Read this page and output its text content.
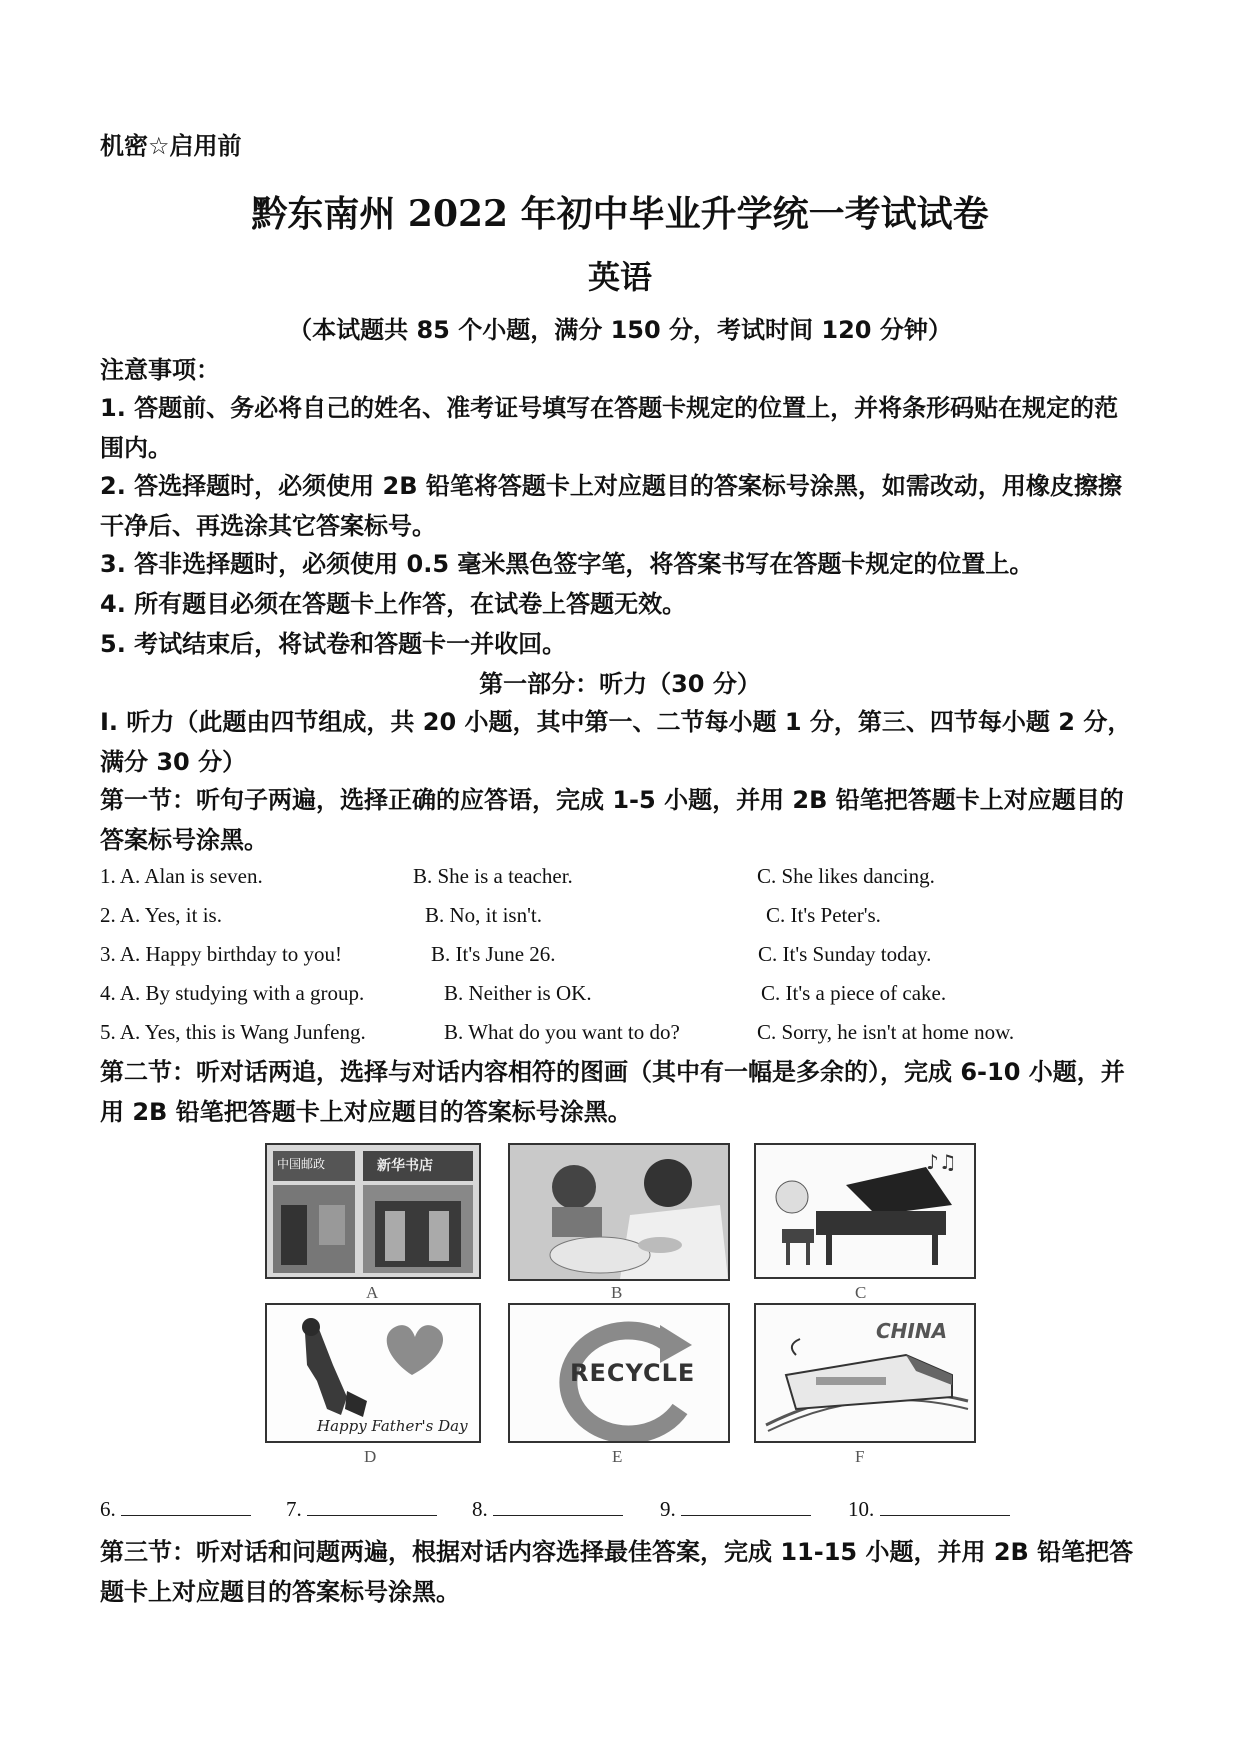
机密☆启用前
黔东南州 2022 年初中毕业升学统一考试试卷
英语
（本试题共 85 个小题，满分 150 分，考试时间 120 分钟）
注意事项：
1. 答题前、务必将自己的姓名、准考证号填写在答题卡规定的位置上，并将条形码贴在规定的范围内。
2. 答选择题时，必须使用 2B 铅笔将答题卡上对应题目的答案标号涂黑，如需改动，用橡皮擦擦干净后、再选涂其它答案标号。
3. 答非选择题时，必须使用 0.5 毫米黑色签字笔，将答案书写在答题卡规定的位置上。
4. 所有题目必须在答题卡上作答，在试卷上答题无效。
5. 考试结束后，将试卷和答题卡一并收回。
第一部分：听力（30 分）
Ⅰ. 听力（此题由四节组成，共 20 小题，其中第一、二节每小题 1 分，第三、四节每小题 2 分，满分 30 分）
第一节：听句子两遍，选择正确的应答语，完成 1-5 小题，并用 2B 铅笔把答题卡上对应题目的答案标号涂黑。
1. A. Alan is seven.	B. She is a teacher.	C. She likes dancing.
2. A. Yes, it is.	B. No, it isn't.	C. It's Peter's.
3. A. Happy birthday to you!	B. It's June 26.	C. It's Sunday today.
4. A. By studying with a group.	B. Neither is OK.	C. It's a piece of cake.
5. A. Yes, this is Wang Junfeng.	B. What do you want to do?	C. Sorry, he isn't at home now.
第二节：听对话两追，选择与对话内容相符的图画（其中有一幅是多余的），完成 6-10 小题，并用 2B 铅笔把答题卡上对应题目的答案标号涂黑。
中国邮政	新华书店
A	B
♪♫
C
Happy Father's Day
D
RECYCLE
E
CHINA
F
6.	7.	8.	9.	10.
第三节：听对话和问题两遍，根据对话内容选择最佳答案，完成 11-15 小题，并用 2B 铅笔把答题卡上对应题目的答案标号涂黑。
